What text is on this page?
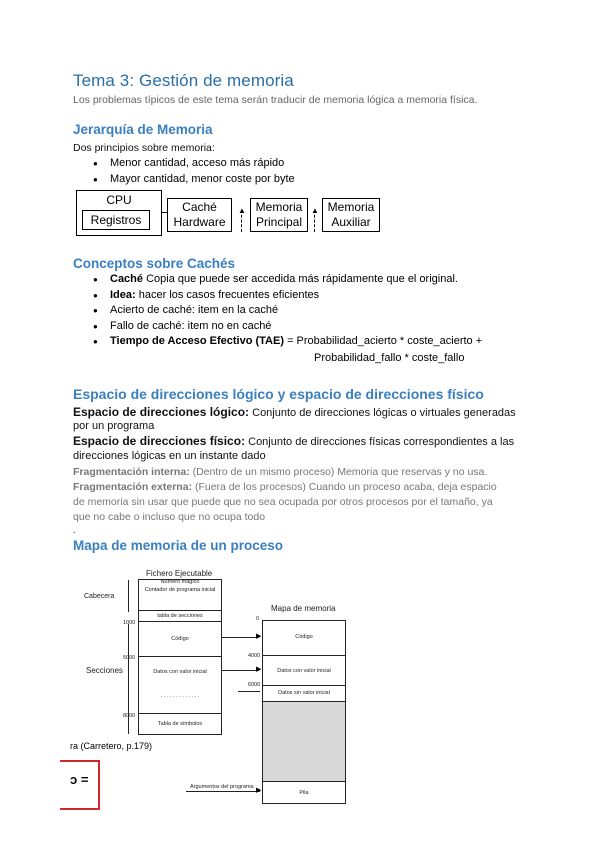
Tema 3: Gestión de memoria
Los problemas típicos de este tema serán traducir de memoria lógica a memoria física.
Jerarquía de Memoria
Dos principios sobre memoria:
● Menor cantidad, acceso más rápido
● Mayor cantidad, menor coste por byte
CPU
Registros
Caché
Hardware
▲ Memoria
Principal
▲ Memoria
Auxiliar
Conceptos sobre Cachés
● Caché Copia que puede ser accedida más rápidamente que el original.
● Idea: hacer los casos frecuentes eficientes
● Acierto de caché: item en la caché
● Fallo de caché: item no en caché
● Tiempo de Acceso Efectivo (TAE) = Probabilidad_acierto * coste_acierto +
Probabilidad_fallo * coste_fallo
Espacio de direcciones lógico y espacio de direcciones físico
Espacio de direcciones lógico: Conjunto de direcciones lógicas o virtuales generadas
por un programa
Espacio de direcciones físico: Conjunto de direcciones físicas correspondientes a las
direcciones lógicas en un instante dado
Fragmentación interna: (Dentro de un mismo proceso) Memoria que reservas y no usa.
Fragmentación externa: (Fuera de los procesos) Cuando un proceso acaba, deja espacio
de memoria sin usar que puede que no sea ocupada por otros procesos por el tamaño, ya
que no cabe o incluso que no ocupa todo
.
Mapa de memoria de un proceso
Cabecera
Secciones
Fichero Ejecutable
Número mágico
Contador de programa inicial
tabla de secciones
Código
Datos con valor inicial
. . . . . . . . . . . . .
Tabla de símbolos
1000
5000
8000
▶
▶
Mapa de memoria
Código
Datos con valor inicial
Datos sin valor inicial
Pila
0
4000
6000
Argumentos del programa ▶
ra (Carretero, p.179)
ɔ =
